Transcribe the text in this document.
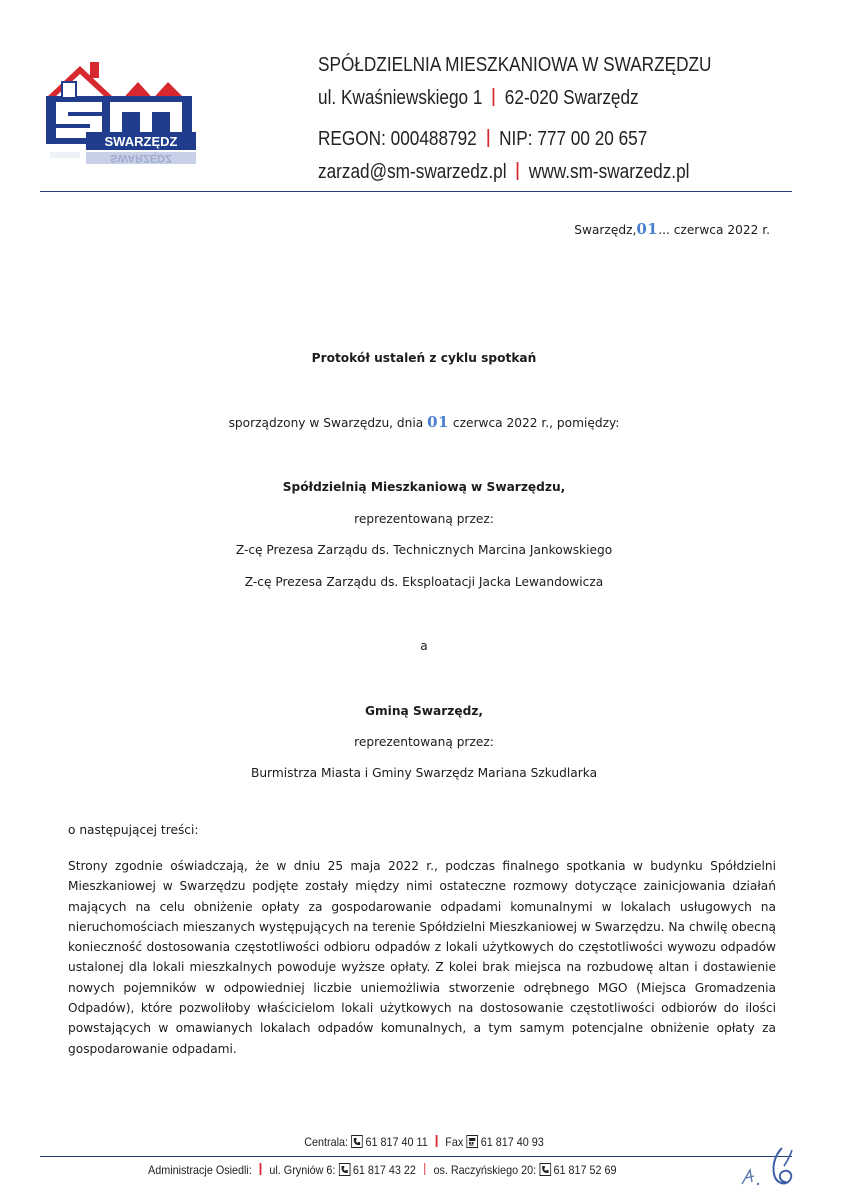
SWARZĘDZ
SWARZĘDZ
SPÓŁDZIELNIA MIESZKANIOWA W SWARZĘDZU
ul. Kwaśniewskiego 1 62-020 Swarzędz
REGON: 000488792 NIP: 777 00 20 657
zarzad@sm-swarzedz.pl www.sm-swarzedz.pl
Swarzędz,01... czerwca 2022 r.
Protokół ustaleń z cyklu spotkań
sporządzony w Swarzędzu, dnia 01 czerwca 2022 r., pomiędzy:
Spółdzielnią Mieszkaniową w Swarzędzu,
reprezentowaną przez:
Z-cę Prezesa Zarządu ds. Technicznych Marcina Jankowskiego
Z-cę Prezesa Zarządu ds. Eksploatacji Jacka Lewandowicza
a
Gminą Swarzędz,
reprezentowaną przez:
Burmistrza Miasta i Gminy Swarzędz Mariana Szkudlarka
o następującej treści:
Strony zgodnie oświadczają, że w dniu 25 maja 2022 r., podczas finalnego spotkania w budynku Spółdzielni Mieszkaniowej w Swarzędzu podjęte zostały między nimi ostateczne rozmowy dotyczące zainicjowania działań mających na celu obniżenie opłaty za gospodarowanie odpadami komunalnymi w lokalach usługowych na nieruchomościach mieszanych występujących na terenie Spółdzielni Mieszkaniowej w Swarzędzu. Na chwilę obecną konieczność dostosowania częstotliwości odbioru odpadów z lokali użytkowych do częstotliwości wywozu odpadów ustalonej dla lokali mieszkalnych powoduje wyższe opłaty. Z kolei brak miejsca na rozbudowę altan i dostawienie nowych pojemników w odpowiedniej liczbie uniemożliwia stworzenie odrębnego MGO (Miejsca Gromadzenia Odpadów), które pozwoliłoby właścicielom lokali użytkowych na dostosowanie częstotliwości odbiorów do ilości powstających w omawianych lokalach odpadów komunalnych, a tym samym potencjalne obniżenie opłaty za gospodarowanie odpadami.
Centrala: 61 817 40 11 Fax 61 817 40 93
Administracje Osiedli: ul. Gryniów 6: 61 817 43 22 os. Raczyńskiego 20: 61 817 52 69
